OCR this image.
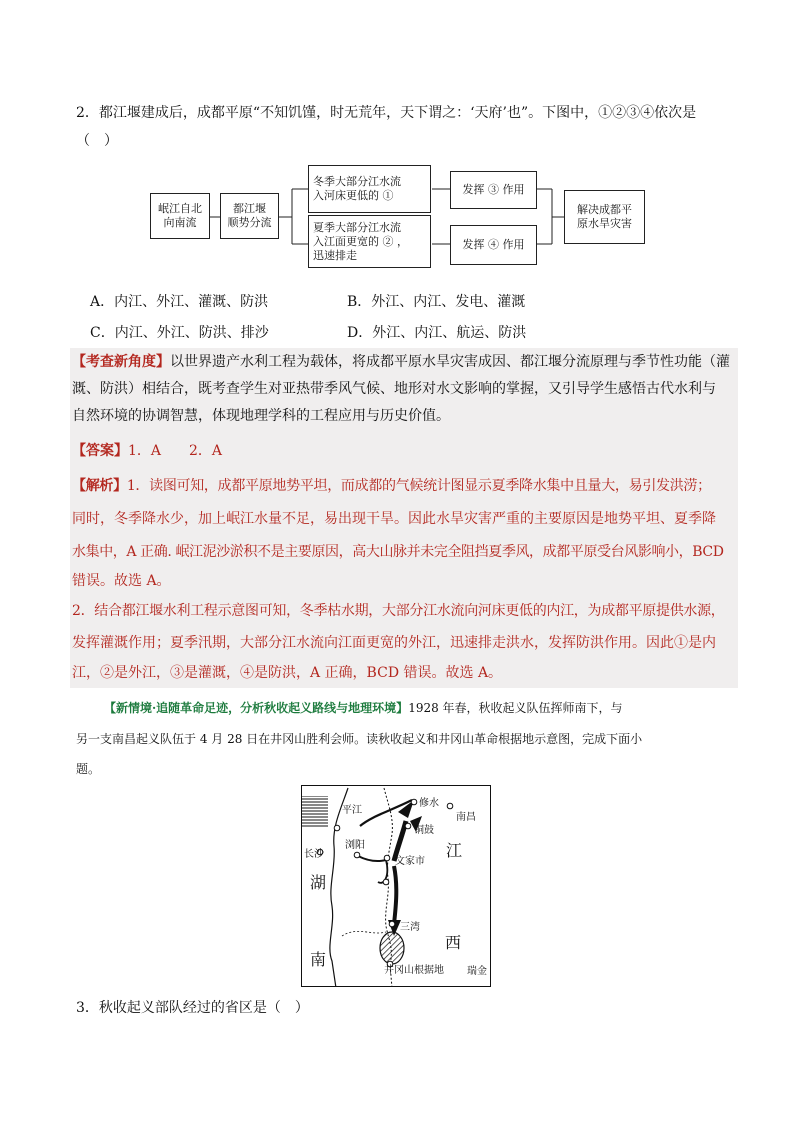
2．都江堰建成后，成都平原“不知饥馑，时无荒年，天下谓之：‘天府’也”。下图中，①②③④依次是
（　）
岷江自北
向南流
都江堰
顺势分流
冬季大部分江水流
入河床更低的 ①
夏季大部分江水流
入江面更宽的 ② ，
迅速排走
发挥 ③ 作用
发挥 ④ 作用
解决成都平
原水旱灾害
A．内江、外江、灌溉、防洪	B．外江、内江、发电、灌溉
C．内江、外江、防洪、排沙	D．外江、内江、航运、防洪
【考查新角度】以世界遗产水利工程为载体，将成都平原水旱灾害成因、都江堰分流原理与季节性功能（灌
溉、防洪）相结合，既考查学生对亚热带季风气候、地形对水文影响的掌握，又引导学生感悟古代水利与
自然环境的协调智慧，体现地理学科的工程应用与历史价值。
【答案】1．A　　2．A
【解析】1．读图可知，成都平原地势平坦，而成都的气候统计图显示夏季降水集中且量大，易引发洪涝；
同时，冬季降水少，加上岷江水量不足，易出现干旱。因此水旱灾害严重的主要原因是地势平坦、夏季降
水集中，A 正确. 岷江泥沙淤积不是主要原因，高大山脉并未完全阻挡夏季风，成都平原受台风影响小，BCD
错误。故选 A。
2．结合都江堰水利工程示意图可知，冬季枯水期，大部分江水流向河床更低的内江，为成都平原提供水源，
发挥灌溉作用；夏季汛期，大部分江水流向江面更宽的外江，迅速排走洪水，发挥防洪作用。因此①是内
江，②是外江，③是灌溉，④是防洪，A 正确，BCD 错误。故选 A。
【新情境·追随革命足迹，分析秋收起义路线与地理环境】1928 年春，秋收起义队伍挥师南下，与
另一支南昌起义队伍于 4 月 28 日在井冈山胜利会师。读秋收起义和井冈山革命根据地示意图，完成下面小
题。
平江
修水
南昌
铜鼓
浏阳
长沙
文家市
江
湖
三湾
西
南
井冈山根据地 瑞金
3．秋收起义部队经过的省区是（　）
